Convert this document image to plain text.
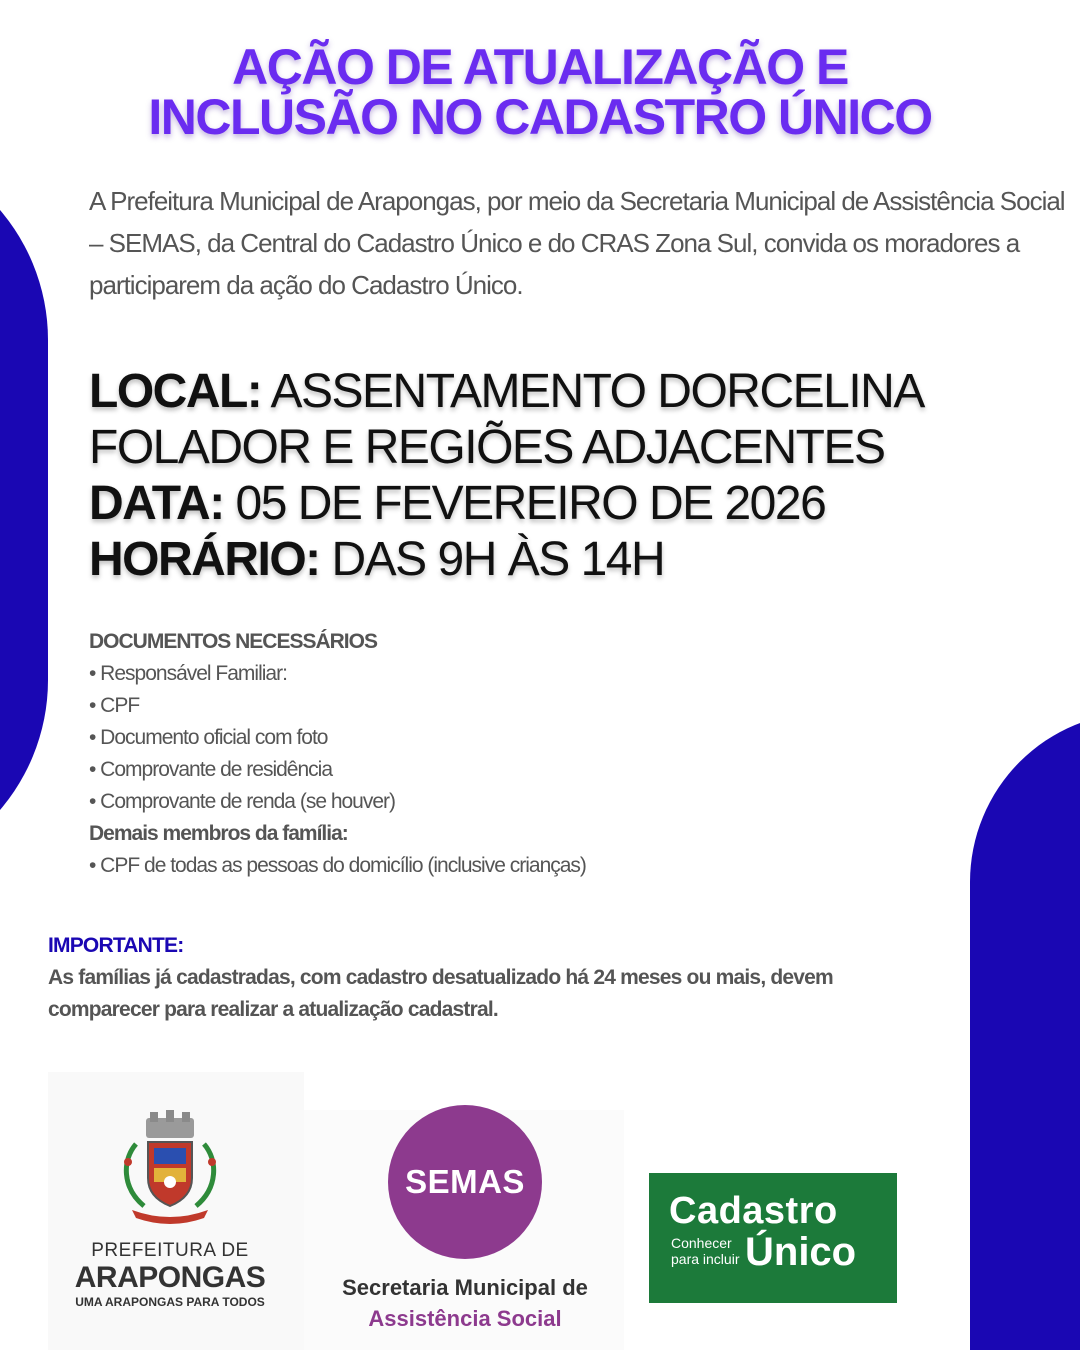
AÇÃO DE ATUALIZAÇÃO E
INCLUSÃO NO CADASTRO ÚNICO

A Prefeitura Municipal de Arapongas, por meio da Secretaria Municipal de Assistência Social – SEMAS, da Central do Cadastro Único e do CRAS Zona Sul, convida os moradores a participarem da ação do Cadastro Único.

LOCAL: ASSENTAMENTO DORCELINA
FOLADOR E REGIÕES ADJACENTES
DATA: 05 DE FEVEREIRO DE 2026
HORÁRIO: DAS 9H ÀS 14H
DOCUMENTOS NECESSÁRIOS
• Responsável Familiar:
• CPF
• Documento oficial com foto
• Comprovante de residência
• Comprovante de renda (se houver)
Demais membros da família:
• CPF de todas as pessoas do domicílio (inclusive crianças)
IMPORTANTE:
As famílias já cadastradas, com cadastro desatualizado há 24 meses ou mais, devem comparecer para realizar a atualização cadastral.
PREFEITURA DE
ARAPONGAS
UMA ARAPONGAS PARA TODOS
SEMAS
Secretaria Municipal de
Assistência Social
Cadastro
Conhecer
para incluir Único
